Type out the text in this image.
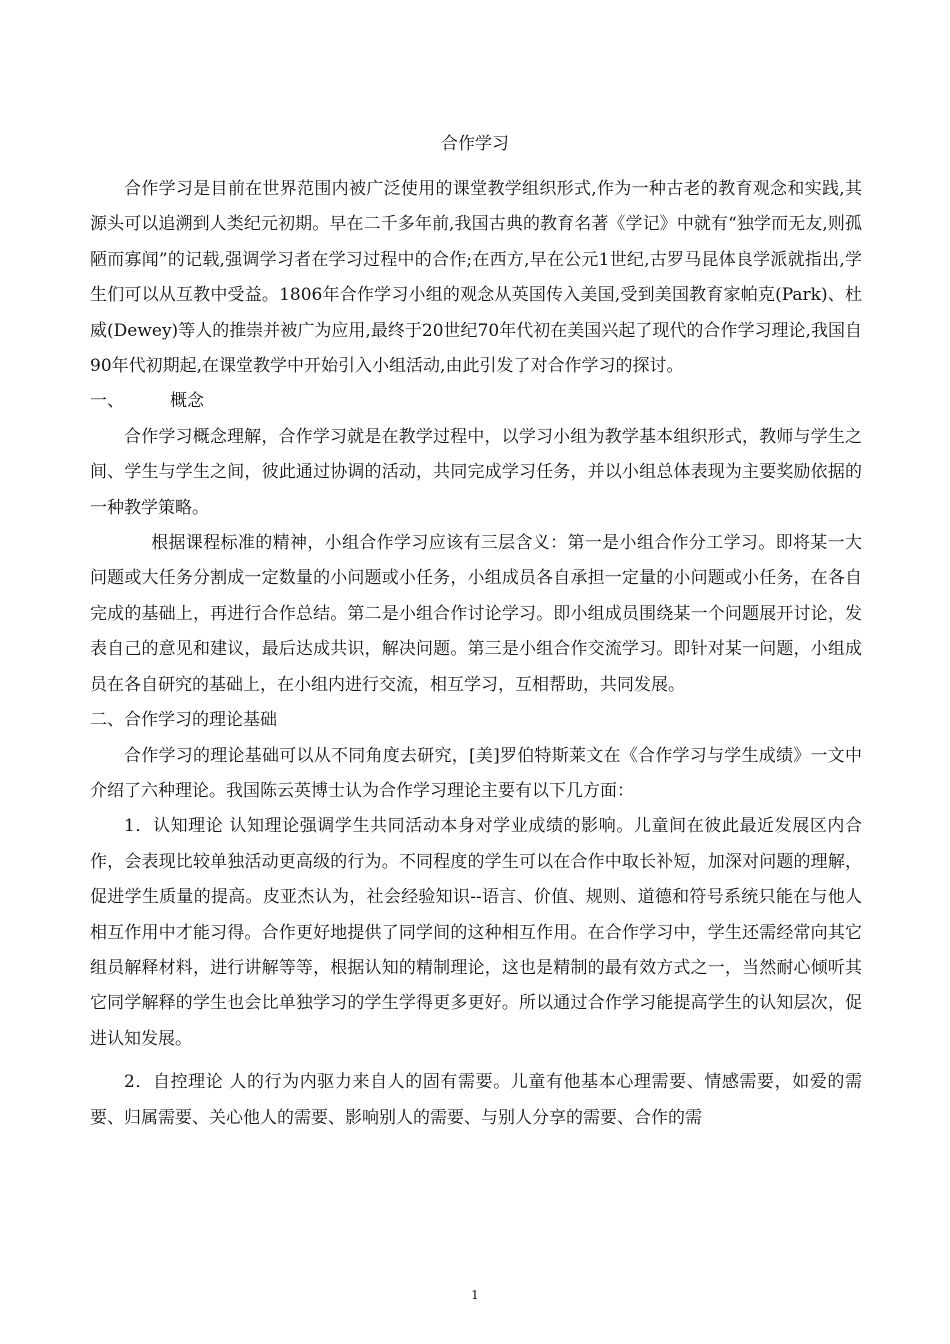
合作学习

合作学习是目前在世界范围内被广泛使用的课堂教学组织形式,作为一种古老的教育观念和实践,其源头可以追溯到人类纪元初期。早在二千多年前,我国古典的教育名著《学记》中就有“独学而无友,则孤陋而寡闻”的记载,强调学习者在学习过程中的合作;在西方,早在公元1世纪,古罗马昆体良学派就指出,学生们可以从互教中受益。1806年合作学习小组的观念从英国传入美国,受到美国教育家帕克(Park)、杜威(Dewey)等人的推崇并被广为应用,最终于20世纪70年代初在美国兴起了现代的合作学习理论,我国自90年代初期起,在课堂教学中开始引入小组活动,由此引发了对合作学习的探讨。

一、	概念

合作学习概念理解，合作学习就是在教学过程中，以学习小组为教学基本组织形式，教师与学生之间、学生与学生之间，彼此通过协调的活动，共同完成学习任务，并以小组总体表现为主要奖励依据的一种教学策略。

根据课程标准的精神，小组合作学习应该有三层含义：第一是小组合作分工学习。即将某一大问题或大任务分割成一定数量的小问题或小任务，小组成员各自承担一定量的小问题或小任务，在各自完成的基础上，再进行合作总结。第二是小组合作讨论学习。即小组成员围绕某一个问题展开讨论，发表自己的意见和建议，最后达成共识，解决问题。第三是小组合作交流学习。即针对某一问题，小组成员在各自研究的基础上，在小组内进行交流，相互学习，互相帮助，共同发展。

二、合作学习的理论基础

合作学习的理论基础可以从不同角度去研究，[美]罗伯特斯莱文在《合作学习与学生成绩》一文中介绍了六种理论。我国陈云英博士认为合作学习理论主要有以下几方面：

1．认知理论 认知理论强调学生共同活动本身对学业成绩的影响。儿童间在彼此最近发展区内合作，会表现比较单独活动更高级的行为。不同程度的学生可以在合作中取长补短，加深对问题的理解，促进学生质量的提高。皮亚杰认为，社会经验知识--语言、价值、规则、道德和符号系统只能在与他人相互作用中才能习得。合作更好地提供了同学间的这种相互作用。在合作学习中，学生还需经常向其它组员解释材料，进行讲解等等，根据认知的精制理论，这也是精制的最有效方式之一，当然耐心倾听其它同学解释的学生也会比单独学习的学生学得更多更好。所以通过合作学习能提高学生的认知层次，促进认知发展。

2．自控理论 人的行为内驱力来自人的固有需要。儿童有他基本心理需要、情感需要，如爱的需要、归属需要、关心他人的需要、影响别人的需要、与别人分享的需要、合作的需

1
